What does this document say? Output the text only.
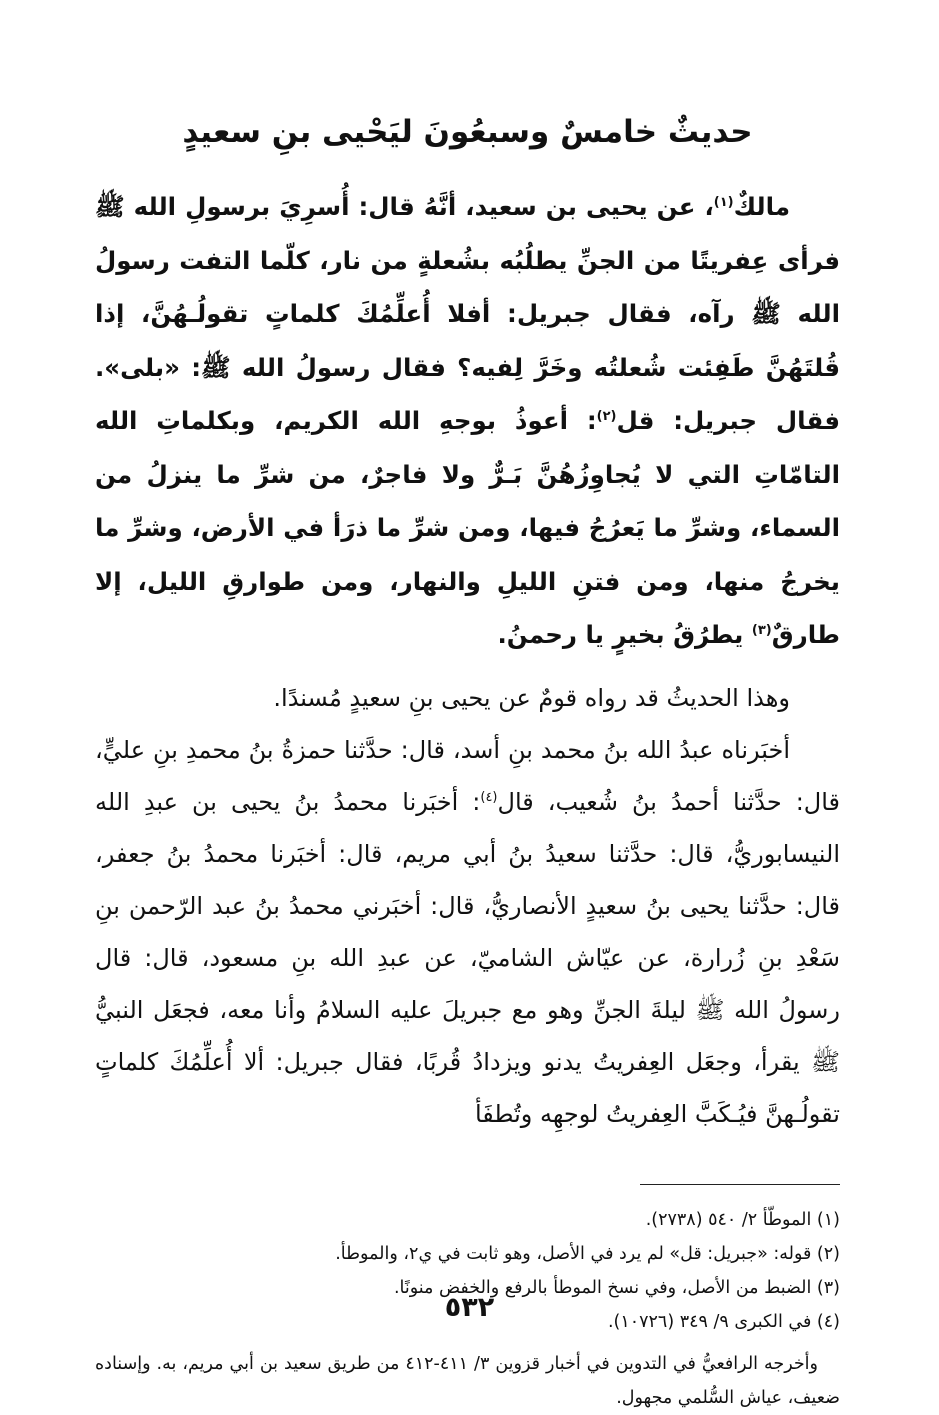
حديثٌ خامسٌ وسبعُونَ ليَحْيى بنِ سعيدٍ

مالكٌ$^{(١)}$، عن يحيى بن سعيد، أنَّهُ قال: أُسرِيَ برسولِ الله ﷺ فرأى عِفريتًا من الجنِّ يطلُبُه بشُعلةٍ من نار، كلّما التفت رسولُ الله ﷺ رآه، فقال جبريل: أفلا أُعلِّمُكَ كلماتٍ تقولُـهُنَّ، إذا قُلتَهُنَّ طَفِئت شُعلتُه وخَرَّ لِفيه؟ فقال رسولُ الله ﷺ: «بلى». فقال جبريل: قل$^{(٢)}$: أعوذُ بوجهِ الله الكريم، وبكلماتِ الله التامّاتِ التي لا يُجاوِزُهُنَّ بَـرٌّ ولا فاجرٌ، من شرِّ ما ينزلُ من السماء، وشرِّ ما يَعرُجُ فيها، ومن شرِّ ما ذرَأ في الأرض، وشرِّ ما يخرجُ منها، ومن فتنِ الليلِ والنهار، ومن طوارقِ الليل، إلا طارقٌ$^{(٣)}$ يطرُقُ بخيرٍ يا رحمنُ.

وهذا الحديثُ قد رواه قومٌ عن يحيى بنِ سعيدٍ مُسندًا.

أخبَرناه عبدُ الله بنُ محمد بنِ أسد، قال: حدَّثنا حمزةُ بنُ محمدِ بنِ عليٍّ، قال: حدَّثنا أحمدُ بنُ شُعيب، قال$^{(٤)}$: أخبَرنا محمدُ بنُ يحيى بن عبدِ الله النيسابوريُّ، قال: حدَّثنا سعيدُ بنُ أبي مريم، قال: أخبَرنا محمدُ بنُ جعفر، قال: حدَّثنا يحيى بنُ سعيدٍ الأنصاريُّ، قال: أخبَرني محمدُ بنُ عبد الرّحمن بنِ سَعْدِ بنِ زُرارة، عن عيّاش الشاميّ، عن عبدِ الله بنِ مسعود، قال: قال رسولُ الله ﷺ ليلةَ الجنِّ وهو مع جبريلَ عليه السلامُ وأنا معه، فجعَل النبيُّ ﷺ يقرأ، وجعَل العِفريتُ يدنو ويزدادُ قُربًا، فقال جبريل: ألا أُعلِّمُكَ كلماتٍ تقولُـهنَّ فيُـكَبَّ العِفريتُ لوجهِه وتُطفَأ

(١) الموطّأ ٢/ ٥٤٠ (٢٧٣٨).

(٢) قوله: «جبريل: قل» لم يرد في الأصل، وهو ثابت في ي٢، والموطأ.

(٣) الضبط من الأصل، وفي نسخ الموطأ بالرفع والخفض منونًا.

(٤) في الكبرى ٩/ ٣٤٩ (١٠٧٢٦).

وأخرجه الرافعيُّ في التدوين في أخبار قزوين ٣/ ٤١١-٤١٢ من طريق سعيد بن أبي مريم، به. وإسناده ضعيف، عياش السُّلمي مجهول.

٥٣٢
